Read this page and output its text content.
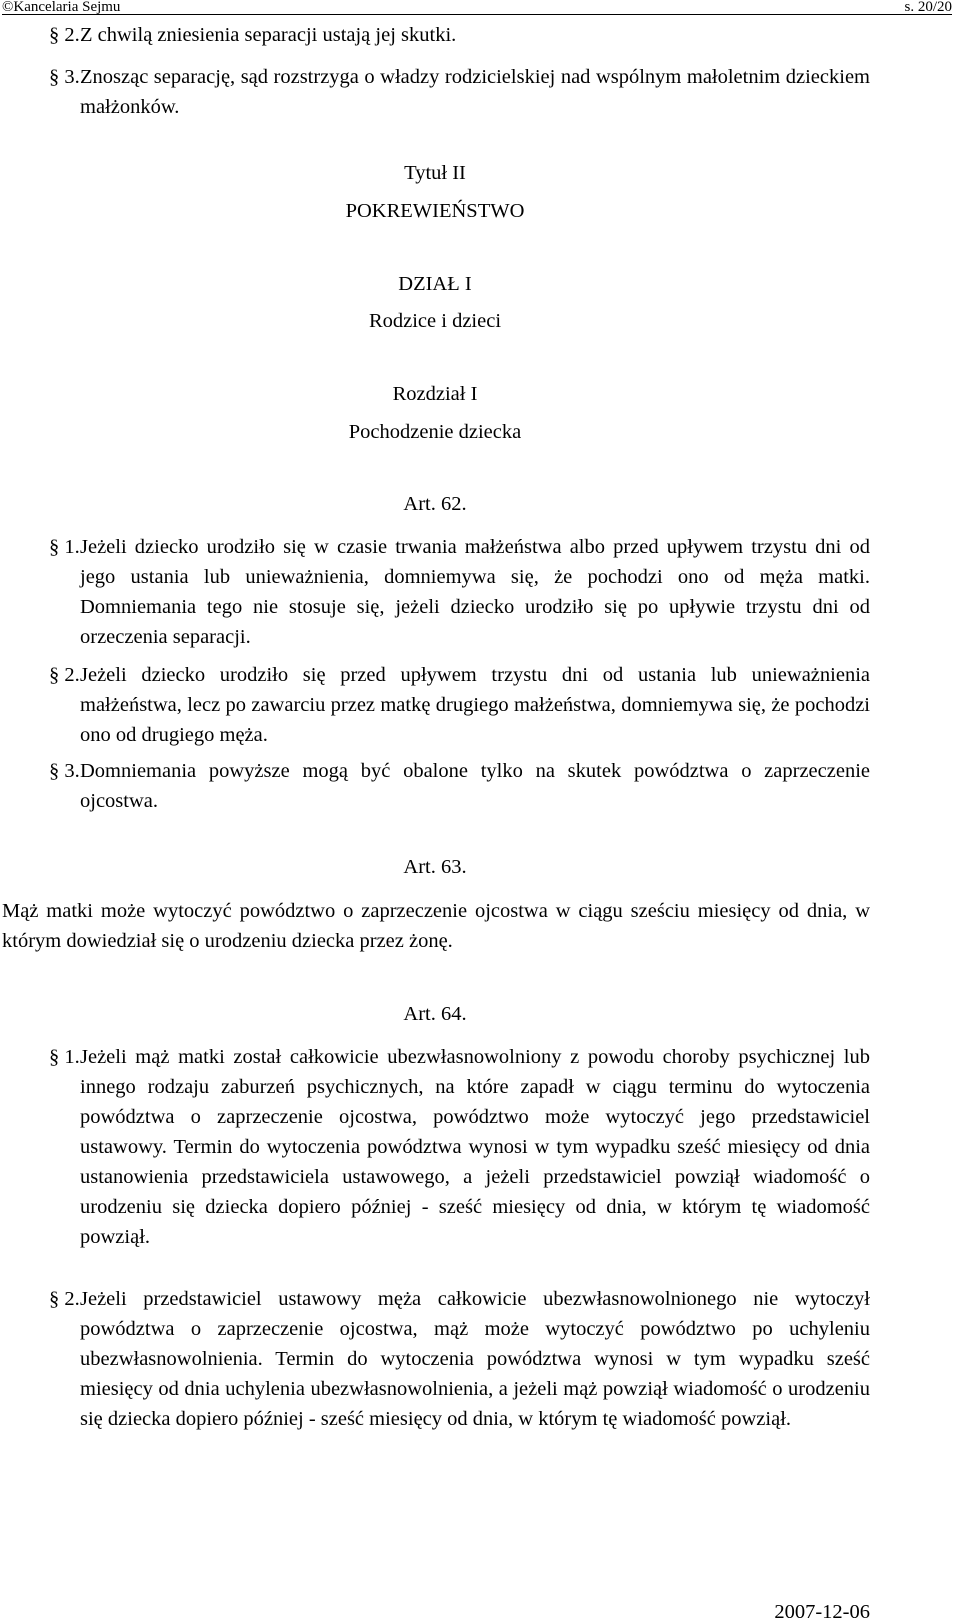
©Kancelaria Sejmu	s. 20/20
§ 2. Z chwilą zniesienia separacji ustają jej skutki.
§ 3. Znosząc separację, sąd rozstrzyga o władzy rodzicielskiej nad wspólnym małoletnim dzieckiem małżonków.
Tytuł II
POKREWIEŃSTWO
DZIAŁ I
Rodzice i dzieci
Rozdział I
Pochodzenie dziecka
Art. 62.
§ 1. Jeżeli dziecko urodziło się w czasie trwania małżeństwa albo przed upływem trzystu dni od jego ustania lub unieważnienia, domniemywa się, że pochodzi ono od męża matki. Domniemania tego nie stosuje się, jeżeli dziecko urodziło się po upływie trzystu dni od orzeczenia separacji.
§ 2. Jeżeli dziecko urodziło się przed upływem trzystu dni od ustania lub unieważnienia małżeństwa, lecz po zawarciu przez matkę drugiego małżeństwa, domniemywa się, że pochodzi ono od drugiego męża.
§ 3. Domniemania powyższe mogą być obalone tylko na skutek powództwa o zaprzeczenie ojcostwa.
Art. 63.
Mąż matki może wytoczyć powództwo o zaprzeczenie ojcostwa w ciągu sześciu miesięcy od dnia, w którym dowiedział się o urodzeniu dziecka przez żonę.
Art. 64.
§ 1. Jeżeli mąż matki został całkowicie ubezwłasnowolniony z powodu choroby psychicznej lub innego rodzaju zaburzeń psychicznych, na które zapadł w ciągu terminu do wytoczenia powództwa o zaprzeczenie ojcostwa, powództwo może wytoczyć jego przedstawiciel ustawowy. Termin do wytoczenia powództwa wynosi w tym wypadku sześć miesięcy od dnia ustanowienia przedstawiciela ustawowego, a jeżeli przedstawiciel powziął wiadomość o urodzeniu się dziecka dopiero później - sześć miesięcy od dnia, w którym tę wiadomość powziął.
§ 2. Jeżeli przedstawiciel ustawowy męża całkowicie ubezwłasnowolnionego nie wytoczył powództwa o zaprzeczenie ojcostwa, mąż może wytoczyć powództwo po uchyleniu ubezwłasnowolnienia. Termin do wytoczenia powództwa wynosi w tym wypadku sześć miesięcy od dnia uchylenia ubezwłasnowolnienia, a jeżeli mąż powziął wiadomość o urodzeniu się dziecka dopiero później - sześć miesięcy od dnia, w którym tę wiadomość powziął.
2007-12-06
